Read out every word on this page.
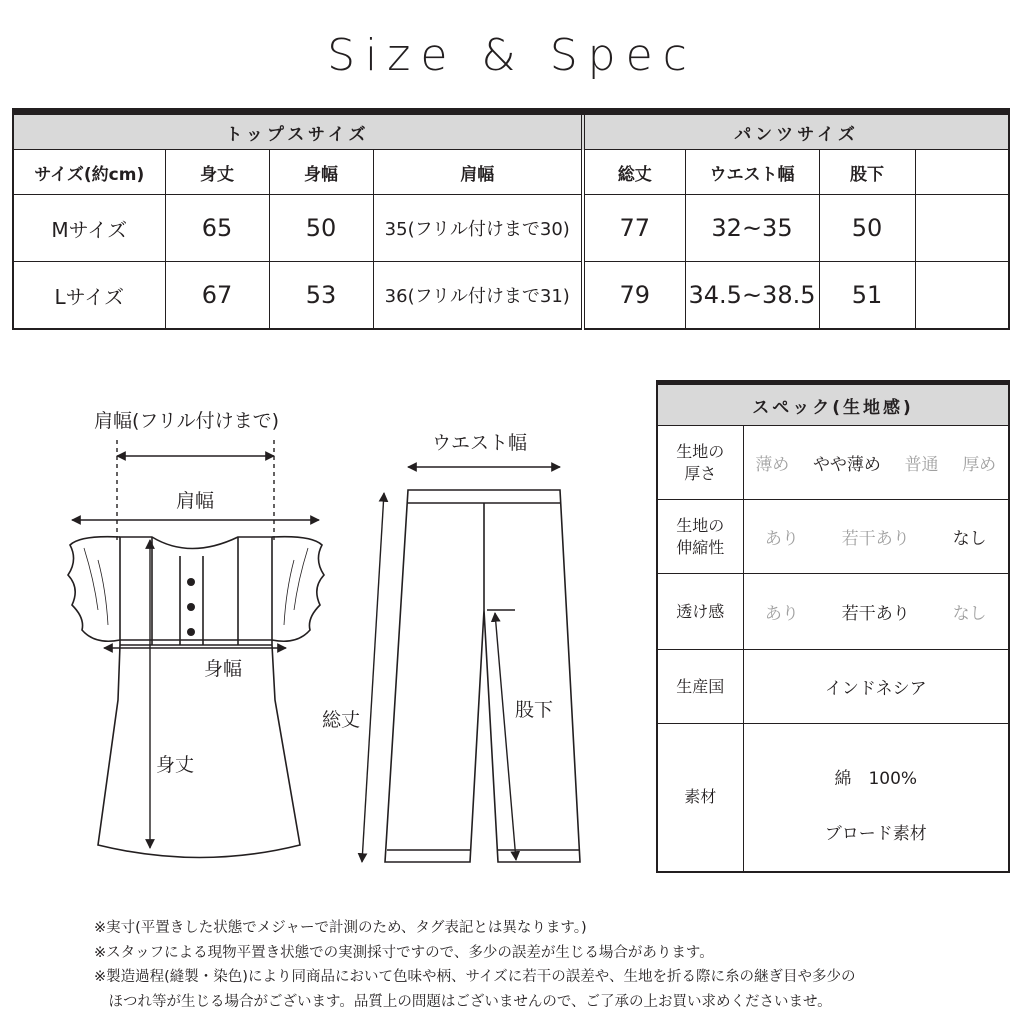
Size & Spec
トップスサイズ				パンツサイズ			
サイズ(約cm)	身丈	身幅	肩幅	総丈	ウエスト幅	股下	
Mサイズ	65	50	35(フリル付けまで30)	77	32~35	50	
Lサイズ	67	53	36(フリル付けまで31)	79	34.5~38.5	51	
肩幅(フリル付けまで)
肩幅
身幅
身丈
ウエスト幅
総丈	股下
スペック(生地感)	
生地の
厚さ	薄め やや薄め 普通 厚め

生地の
伸縮性	あり 若干あり なし

透け感	あり 若干あり なし

生産国	インドネシア
素材	綿　100%
ブロード素材
※実寸(平置きした状態でメジャーで計測のため、タグ表記とは異なります。)
※スタッフによる現物平置き状態での実測採寸ですので、多少の誤差が生じる場合があります。
※製造過程(縫製・染色)により同商品において色味や柄、サイズに若干の誤差や、生地を折る際に糸の継ぎ目や多少の
　ほつれ等が生じる場合がございます。品質上の問題はございませんので、ご了承の上お買い求めくださいませ。
